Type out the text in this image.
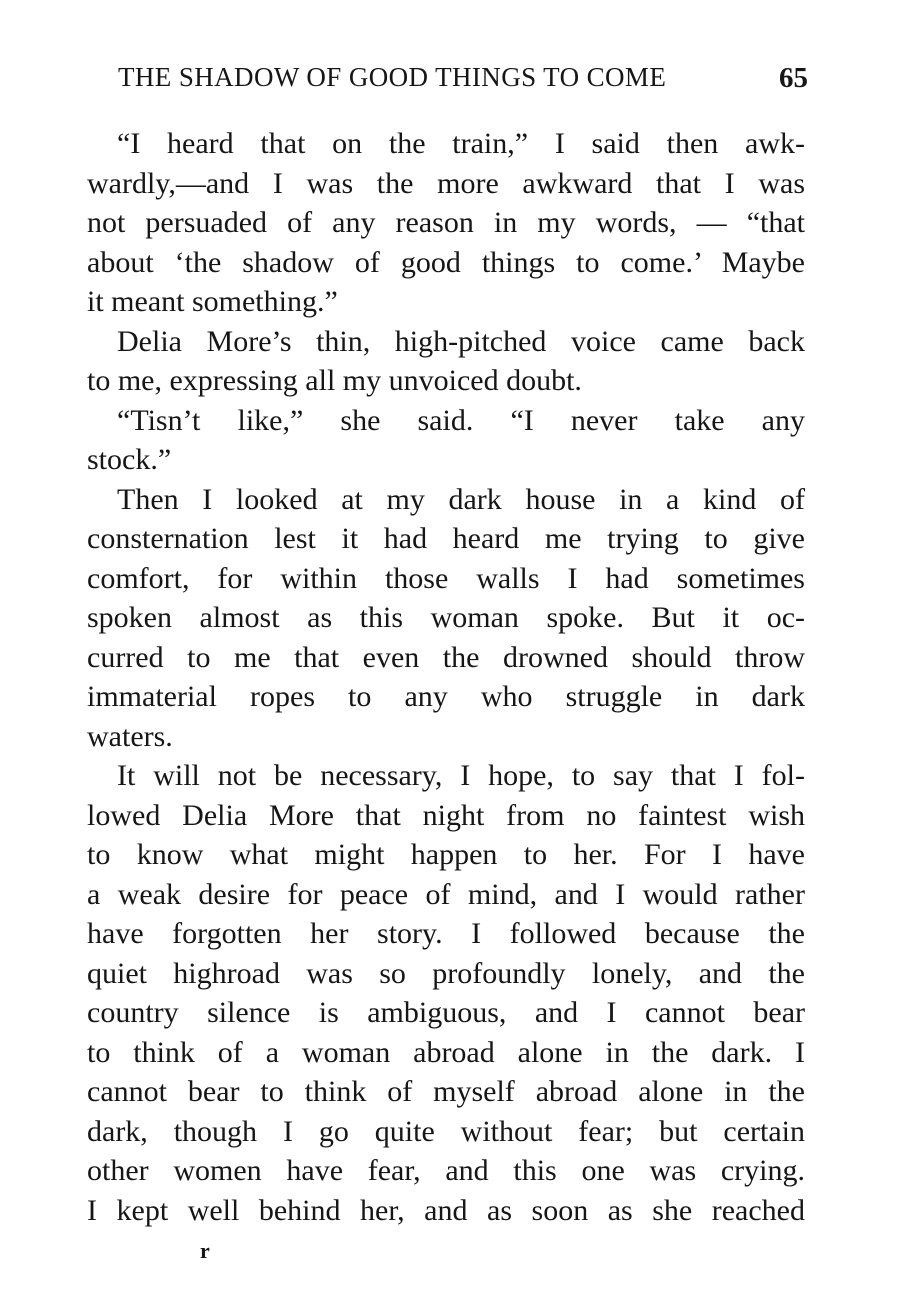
THE SHADOW OF GOOD THINGS TO COME	65
“I heard that on the train,” I said then awk-
wardly,—and I was the more awkward that I was
not persuaded of any reason in my words, — “that
about ‘the shadow of good things to come.’ Maybe
it meant something.”
Delia More’s thin, high-pitched voice came back
to me, expressing all my unvoiced doubt.
“Tisn’t like,” she said. “I never take any
stock.”
Then I looked at my dark house in a kind of
consternation lest it had heard me trying to give
comfort, for within those walls I had sometimes
spoken almost as this woman spoke. But it oc-
curred to me that even the drowned should throw
immaterial ropes to any who struggle in dark
waters.
It will not be necessary, I hope, to say that I fol-
lowed Delia More that night from no faintest wish
to know what might happen to her. For I have
a weak desire for peace of mind, and I would rather
have forgotten her story. I followed because the
quiet highroad was so profoundly lonely, and the
country silence is ambiguous, and I cannot bear
to think of a woman abroad alone in the dark. I
cannot bear to think of myself abroad alone in the
dark, though I go quite without fear; but certain
other women have fear, and this one was crying.
I kept well behind her, and as soon as she reached
r
